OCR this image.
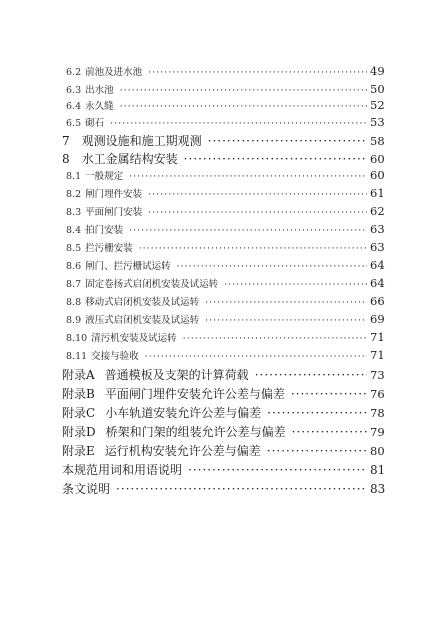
6.2 前池及进水池 ·····	49
6.3 出水池 ·····	50
6.4 永久缝 ·····	52
6.5 砌石 ·····	53
7 观测设施和施工期观测 ·····	58
8 水工金属结构安装 ·····	60
8.1 一般规定 ·····	60
8.2 闸门埋件安装 ·····	61
8.3 平面闸门安装 ·····	62
8.4 拍门安装 ·····	63
8.5 拦污栅安装 ·····	63
8.6 闸门、拦污栅试运转 ·····	64
8.7 固定卷扬式启闭机安装及试运转 ·····	64
8.8 移动式启闭机安装及试运转 ·····	66
8.9 液压式启闭机安装及试运转 ·····	69
8.10 清污机安装及试运转 ·····	71
8.11 交接与验收 ·····	71
附录A 普通模板及支架的计算荷载 ·····	73
附录B 平面闸门埋件安装允许公差与偏差 ·····	76
附录C 小车轨道安装允许公差与偏差 ·····	78
附录D 桥架和门架的组装允许公差与偏差 ·····	79
附录E 运行机构安装允许公差与偏差 ·····	80
本规范用词和用语说明 ·····	81
条文说明 ·····	83
